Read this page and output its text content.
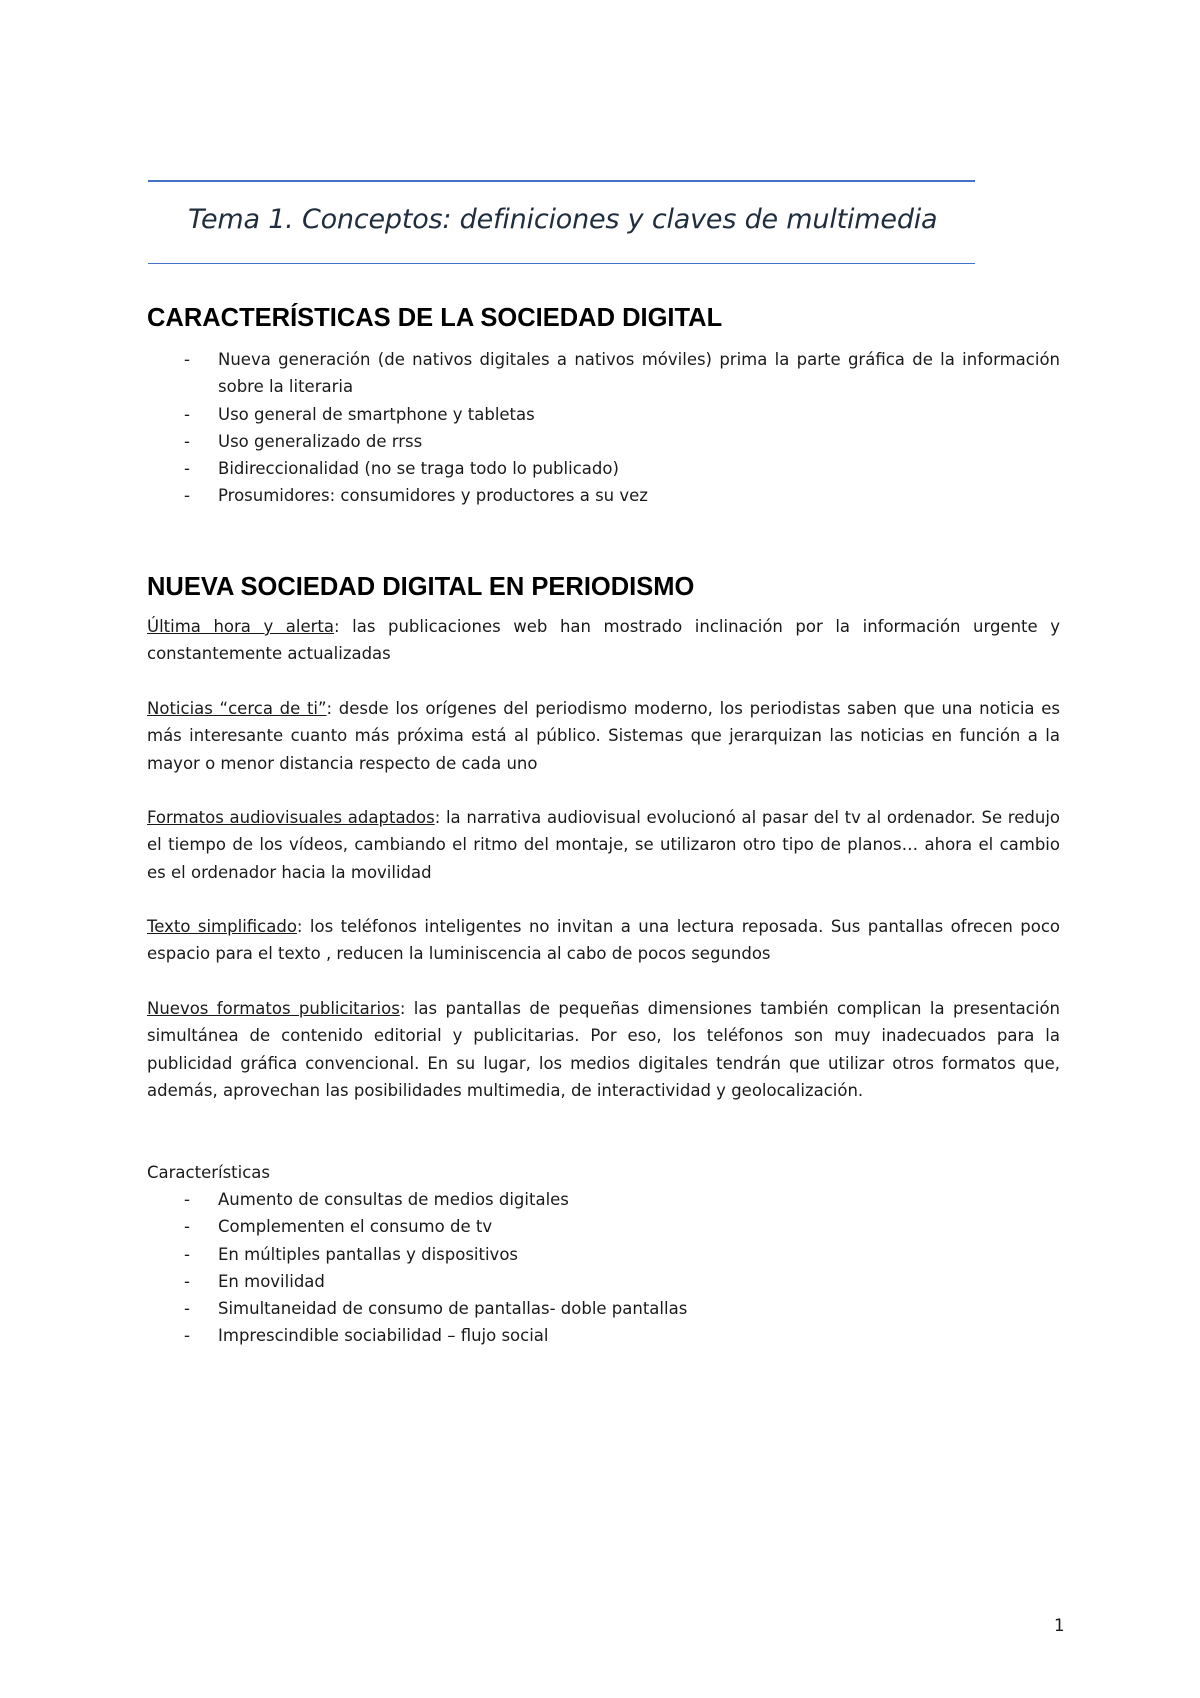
Tema 1. Conceptos: definiciones y claves de multimedia
CARACTERÍSTICAS DE LA SOCIEDAD DIGITAL
- Nueva generación (de nativos digitales a nativos móviles) prima la parte gráfica de la información sobre la literaria
- Uso general de smartphone y tabletas
- Uso generalizado de rrss
- Bidireccionalidad (no se traga todo lo publicado)
- Prosumidores: consumidores y productores a su vez
NUEVA SOCIEDAD DIGITAL EN PERIODISMO

Última hora y alerta: las publicaciones web han mostrado inclinación por la información urgente y constantemente actualizadas

Noticias “cerca de ti”: desde los orígenes del periodismo moderno, los periodistas saben que una noticia es más interesante cuanto más próxima está al público. Sistemas que jerarquizan las noticias en función a la mayor o menor distancia respecto de cada uno

Formatos audiovisuales adaptados: la narrativa audiovisual evolucionó al pasar del tv al ordenador. Se redujo el tiempo de los vídeos, cambiando el ritmo del montaje, se utilizaron otro tipo de planos… ahora el cambio es el ordenador hacia la movilidad

Texto simplificado: los teléfonos inteligentes no invitan a una lectura reposada. Sus pantallas ofrecen poco espacio para el texto , reducen la luminiscencia al cabo de pocos segundos

Nuevos formatos publicitarios: las pantallas de pequeñas dimensiones también complican la presentación simultánea de contenido editorial y publicitarias. Por eso, los teléfonos son muy inadecuados para la publicidad gráfica convencional. En su lugar, los medios digitales tendrán que utilizar otros formatos que, además, aprovechan las posibilidades multimedia, de interactividad y geolocalización.

Características

- Aumento de consultas de medios digitales
- Complementen el consumo de tv
- En múltiples pantallas y dispositivos
- En movilidad
- Simultaneidad de consumo de pantallas- doble pantallas
- Imprescindible sociabilidad – flujo social
1
